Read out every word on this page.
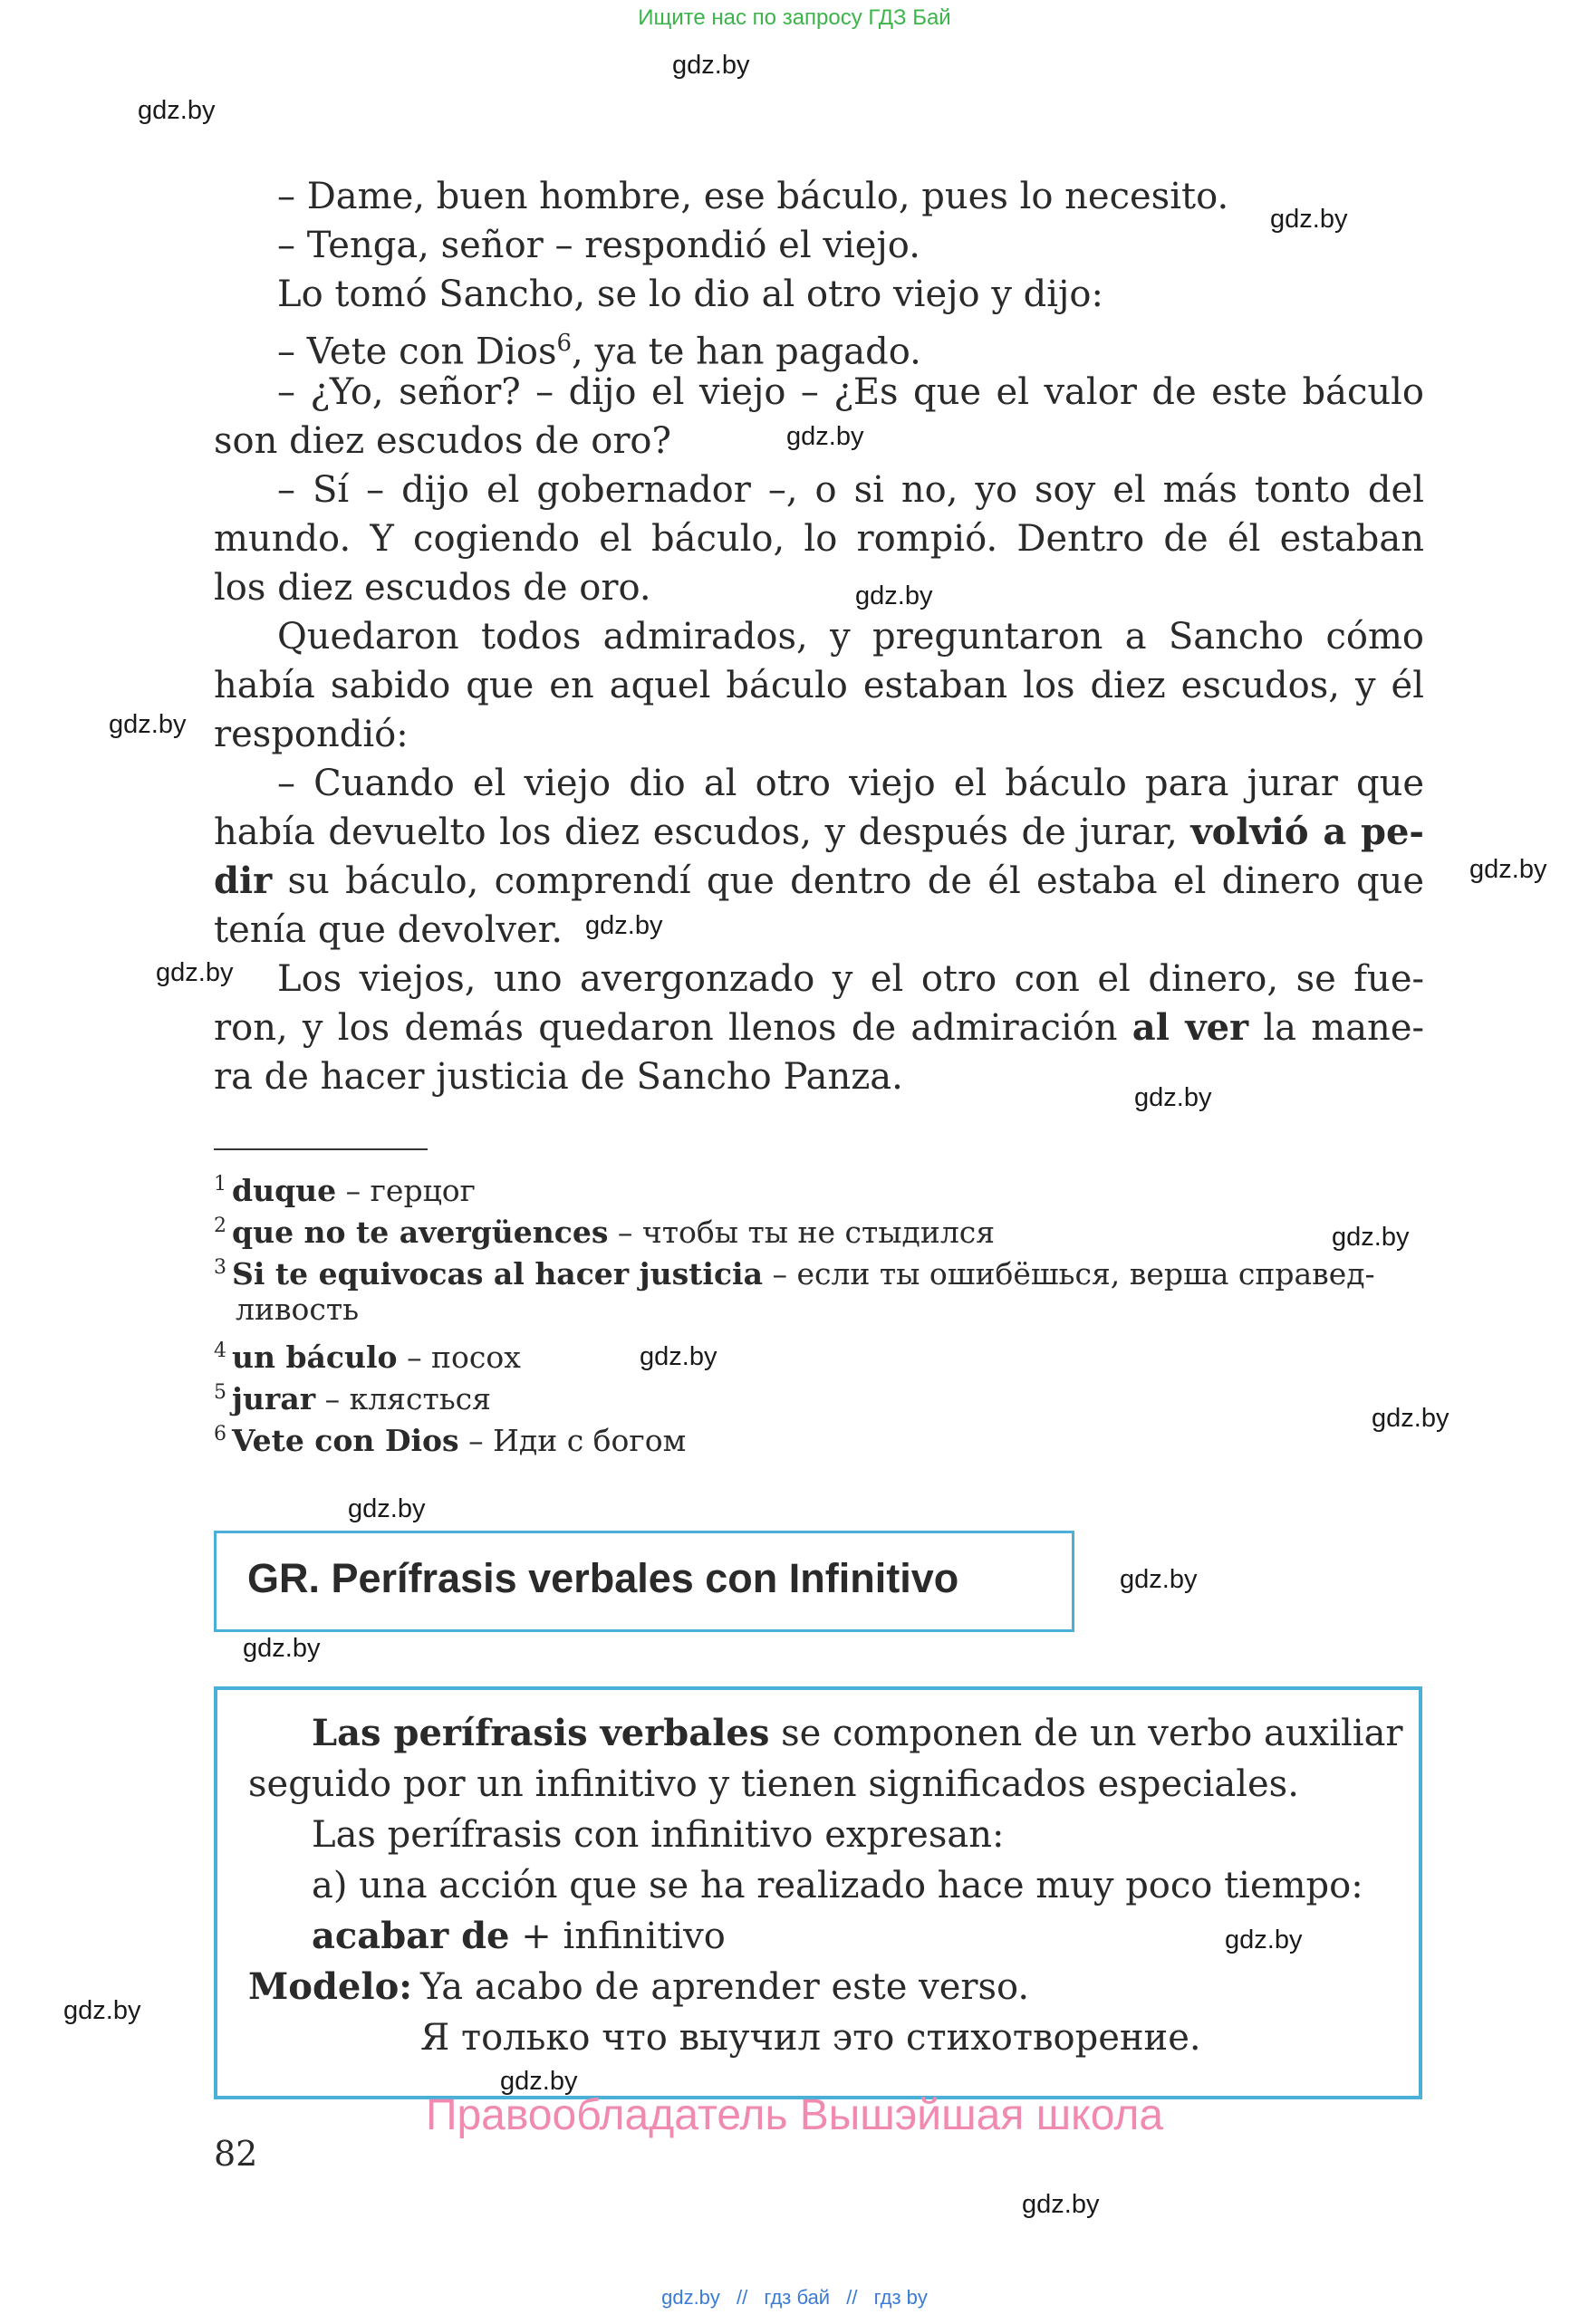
Ищите нас по запросу ГДЗ Бай
gdz.by
gdz.by
gdz.by
gdz.by
gdz.by
gdz.by
gdz.by
gdz.by
gdz.by
gdz.by
gdz.by
gdz.by
gdz.by
gdz.by
gdz.by
gdz.by
gdz.by
gdz.by
gdz.by
gdz.by
– Dame, buen hombre, ese báculo, pues lo necesito.
– Tenga, señor – respondió el viejo.
Lo tomó Sancho, se lo dio al otro viejo y dijo:
– Vete con Dios$^6$, ya te han pagado.
– ¿Yo, señor? – dijo el viejo – ¿Es que el valor de este báculo
son diez escudos de oro?
– Sí – dijo el gobernador –, o si no, yo soy el más tonto del
mundo. Y cogiendo el báculo, lo rompió. Dentro de él estaban
los diez escudos de oro.
Quedaron todos admirados, y preguntaron a Sancho cómo
había sabido que en aquel báculo estaban los diez escudos, y él
respondió:
– Cuando el viejo dio al otro viejo el báculo para jurar que
había devuelto los diez escudos, y después de jurar, volvió a pe-
dir su báculo, comprendí que dentro de él estaba el dinero que
tenía que devolver.
Los viejos, uno avergonzado y el otro con el dinero, se fue-
ron, y los demás quedaron llenos de admiración al ver la mane-
ra de hacer justicia de Sancho Panza.
$^1$ duque – герцог
$^2$ que no te avergüences – чтобы ты не стыдился
$^3$ Si te equivocas al hacer justicia – если ты ошибёшься, верша справед-
ливость
$^4$ un báculo – посох
$^5$ jurar – клясться
$^6$ Vete con Dios – Иди с богом
GR. Perífrasis verbales con Infinitivo
Las perífrasis verbales se componen de un verbo auxiliar
seguido por un infinitivo y tienen significados especiales.
Las perífrasis con infinitivo expresan:
a) una acción que se ha realizado hace muy poco tiempo:
acabar de + infinitivo
Modelo: Ya acabo de aprender este verso.
Я только что выучил это стихотворение.
Правообладатель Вышэйшая школа
82
gdz.by // гдз бай // гдз by
